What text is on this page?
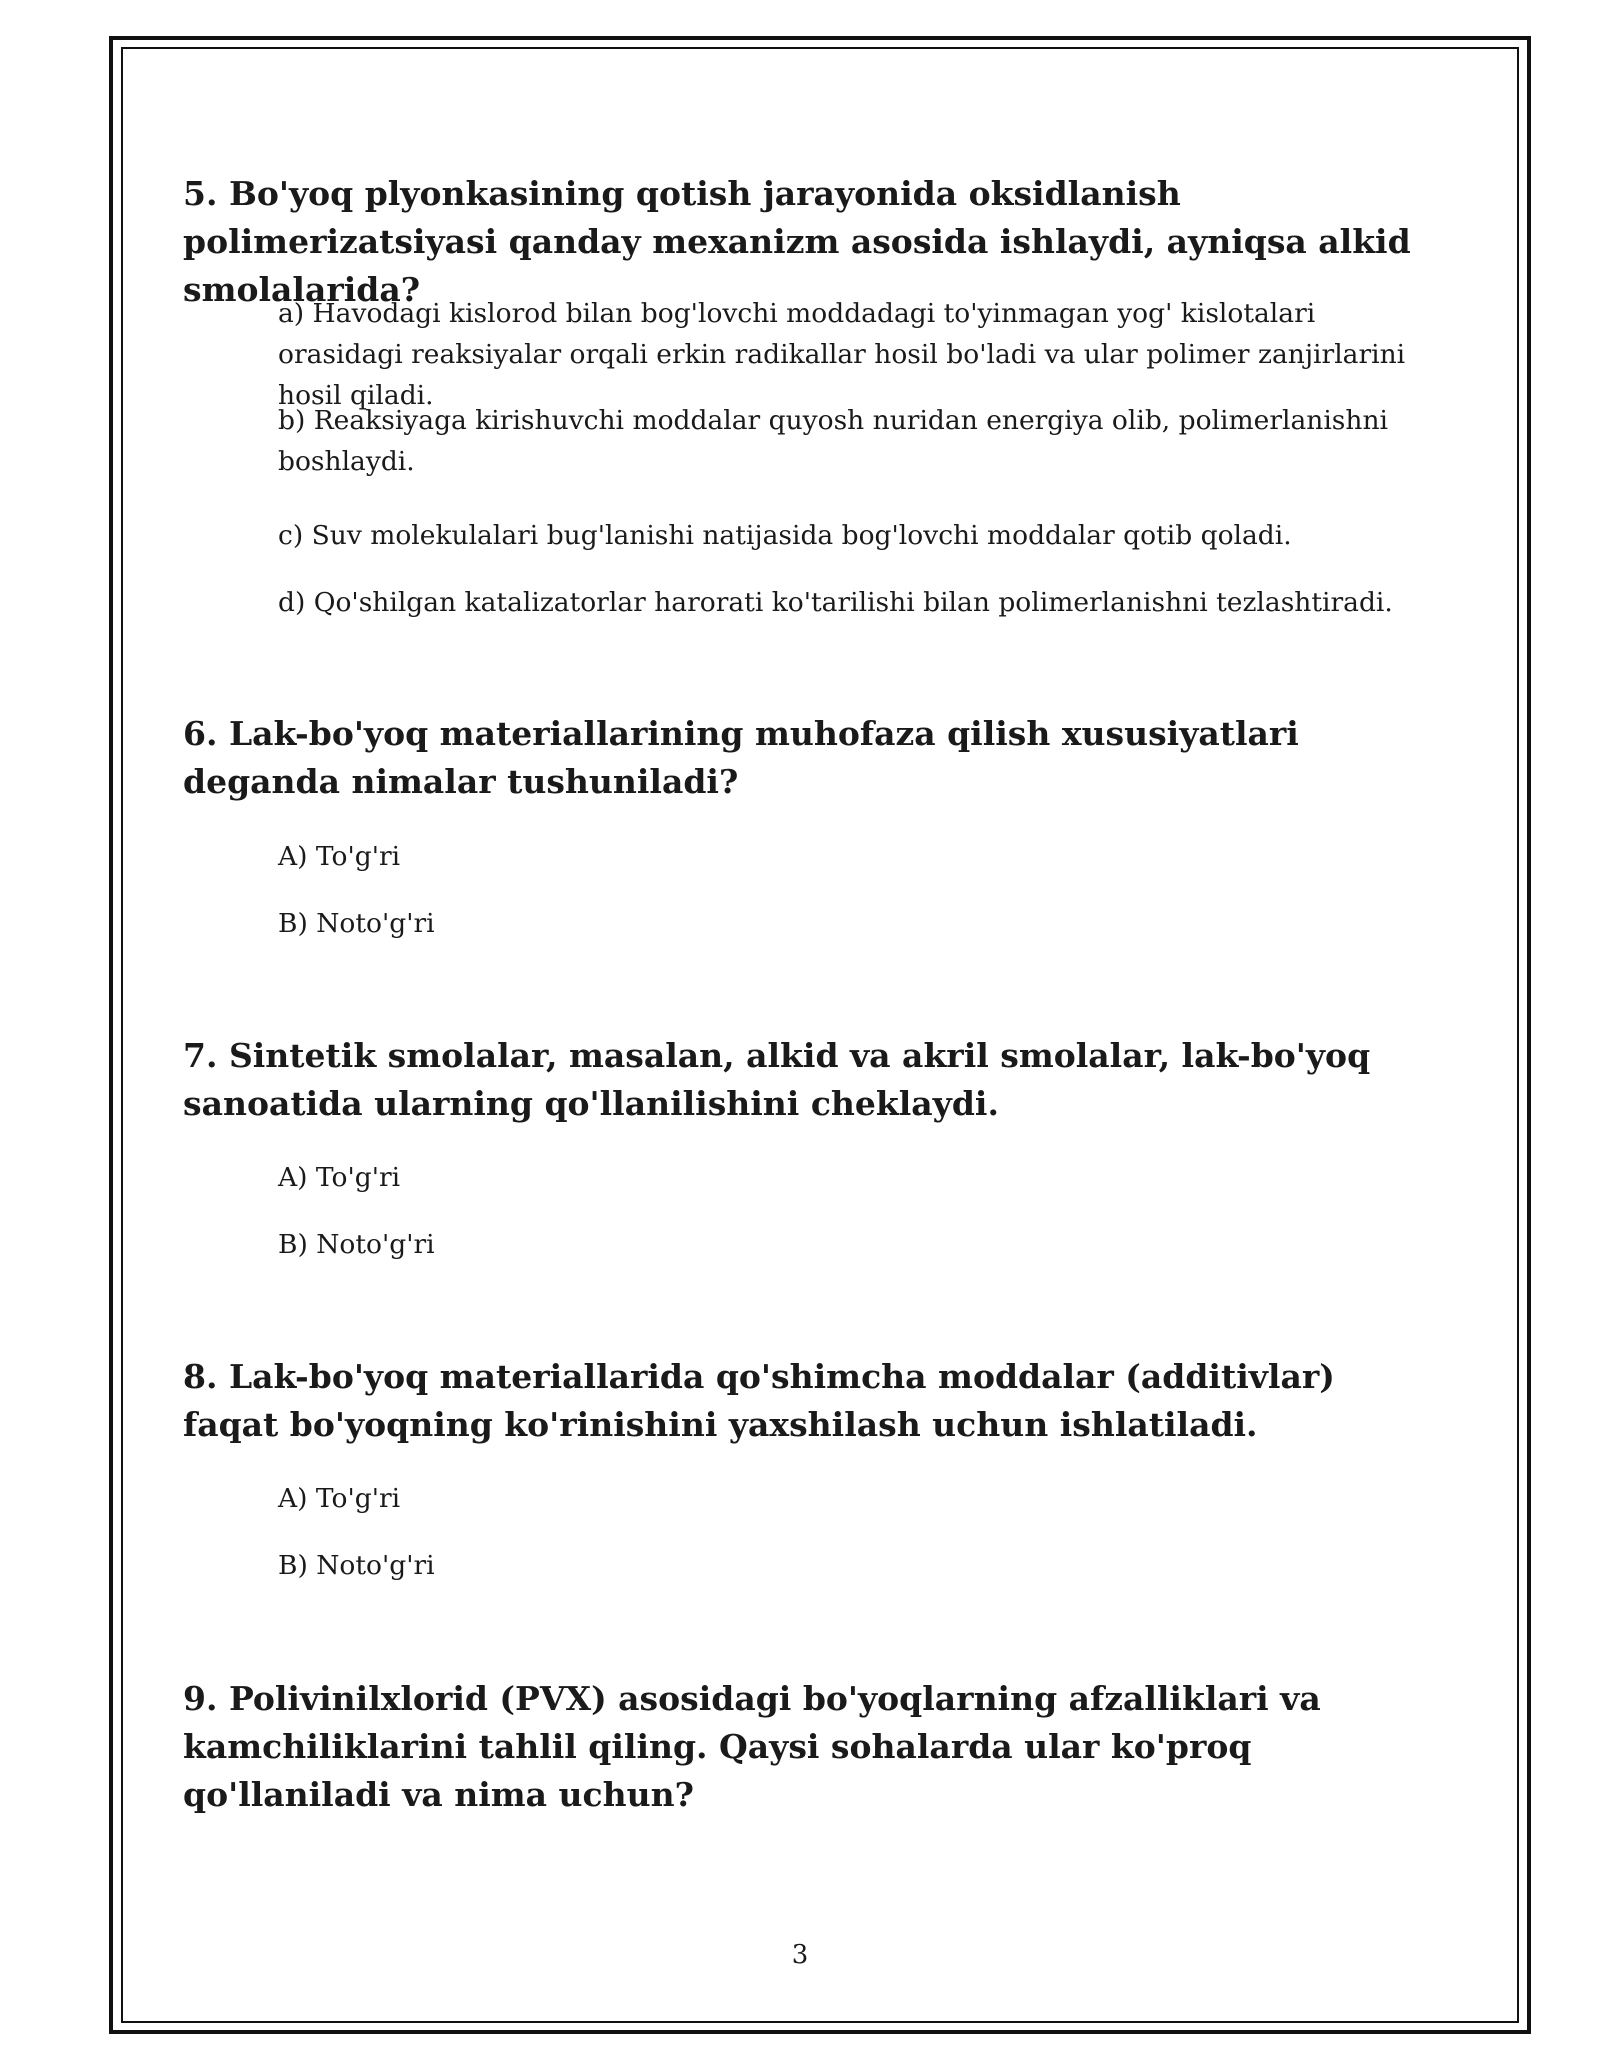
5. Bo'yoq plyonkasining qotish jarayonida oksidlanish polimerizatsiyasi qanday mexanizm asosida ishlaydi, ayniqsa alkid smolalarida?

a) Havodagi kislorod bilan bog'lovchi moddadagi to'yinmagan yog' kislotalari orasidagi reaksiyalar orqali erkin radikallar hosil bo'ladi va ular polimer zanjirlarini hosil qiladi.

b) Reaksiyaga kirishuvchi moddalar quyosh nuridan energiya olib, polimerlanishni boshlaydi.

c) Suv molekulalari bug'lanishi natijasida bog'lovchi moddalar qotib qoladi.

d) Qo'shilgan katalizatorlar harorati ko'tarilishi bilan polimerlanishni tezlashtiradi.

6. Lak-bo'yoq materiallarining muhofaza qilish xususiyatlari deganda nimalar tushuniladi?

A) To'g'ri

B) Noto'g'ri

7. Sintetik smolalar, masalan, alkid va akril smolalar, lak-bo'yoq sanoatida ularning qo'llanilishini cheklaydi.

A) To'g'ri

B) Noto'g'ri

8. Lak-bo'yoq materiallarida qo'shimcha moddalar (additivlar) faqat bo'yoqning ko'rinishini yaxshilash uchun ishlatiladi.

A) To'g'ri

B) Noto'g'ri

9. Polivinilxlorid (PVX) asosidagi bo'yoqlarning afzalliklari va kamchiliklarini tahlil qiling. Qaysi sohalarda ular ko'proq qo'llaniladi va nima uchun?

3
